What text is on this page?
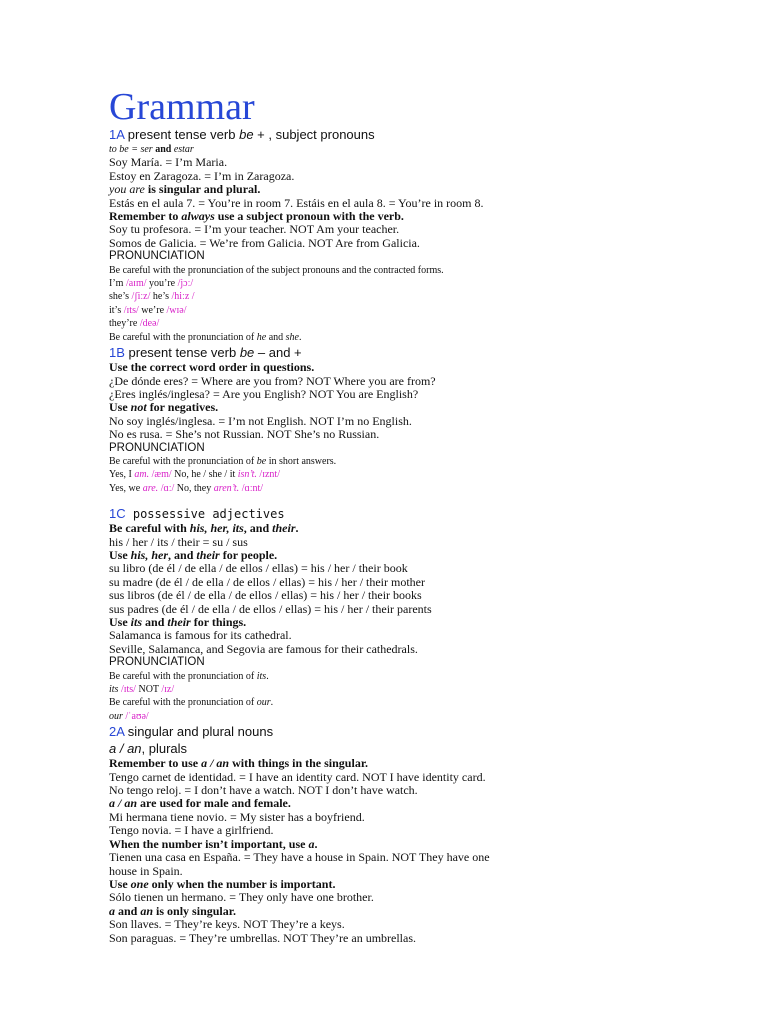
Grammar
1A present tense verb be + , subject pronouns
to be = ser and estar
Soy María. = I’m Maria.
Estoy en Zaragoza. = I’m in Zaragoza.
you are is singular and plural.
Estás en el aula 7. = You’re in room 7. Estáis en el aula 8. = You’re in room 8.
Remember to always use a subject pronoun with the verb.
Soy tu profesora. = I’m your teacher. NOT Am your teacher.
Somos de Galicia. = We’re from Galicia. NOT Are from Galicia.
PRONUNCIATION
Be careful with the pronunciation of the subject pronouns and the contracted forms.
I’m /aɪm/ you’re /jɔː/
she’s /ʃiːz/ he’s /hiːz /
it’s /ɪts/ we’re /wɪə/
they’re /deə/
Be careful with the pronunciation of he and she.
1B present tense verb be – and +
Use the correct word order in questions.
¿De dónde eres? = Where are you from? NOT Where you are from?
¿Eres inglés/inglesa? = Are you English? NOT You are English?
Use not for negatives.
No soy inglés/inglesa. = I’m not English. NOT I’m no English.
No es rusa. = She’s not Russian. NOT She’s no Russian.
PRONUNCIATION
Be careful with the pronunciation of be in short answers.
Yes, I am. /æm/ No, he / she / it isn’t. /ɪznt/
Yes, we are. /ɑː/ No, they aren’t. /ɑːnt/
1C possessive adjectives
Be careful with his, her, its, and their.
his / her / its / their = su / sus
Use his, her, and their for people.
su libro (de él / de ella / de ellos / ellas) = his / her / their book
su madre (de él / de ella / de ellos / ellas) = his / her / their mother
sus libros (de él / de ella / de ellos / ellas) = his / her / their books
sus padres (de él / de ella / de ellos / ellas) = his / her / their parents
Use its and their for things.
Salamanca is famous for its cathedral.
Seville, Salamanca, and Segovia are famous for their cathedrals.
PRONUNCIATION
Be careful with the pronunciation of its.
its /ɪts/ NOT /ɪz/
Be careful with the pronunciation of our.
our /ˈaʊə/
2A singular and plural nouns
a / an, plurals
Remember to use a / an with things in the singular.
Tengo carnet de identidad. = I have an identity card. NOT I have identity card.
No tengo reloj. = I don’t have a watch. NOT I don’t have watch.
a / an are used for male and female.
Mi hermana tiene novio. = My sister has a boyfriend.
Tengo novia. = I have a girlfriend.
When the number isn’t important, use a.
Tienen una casa en España. = They have a house in Spain. NOT They have one
house in Spain.
Use one only when the number is important.
Sólo tienen un hermano. = They only have one brother.
a and an is only singular.
Son llaves. = They’re keys. NOT They’re a keys.
Son paraguas. = They’re umbrellas. NOT They’re an umbrellas.
